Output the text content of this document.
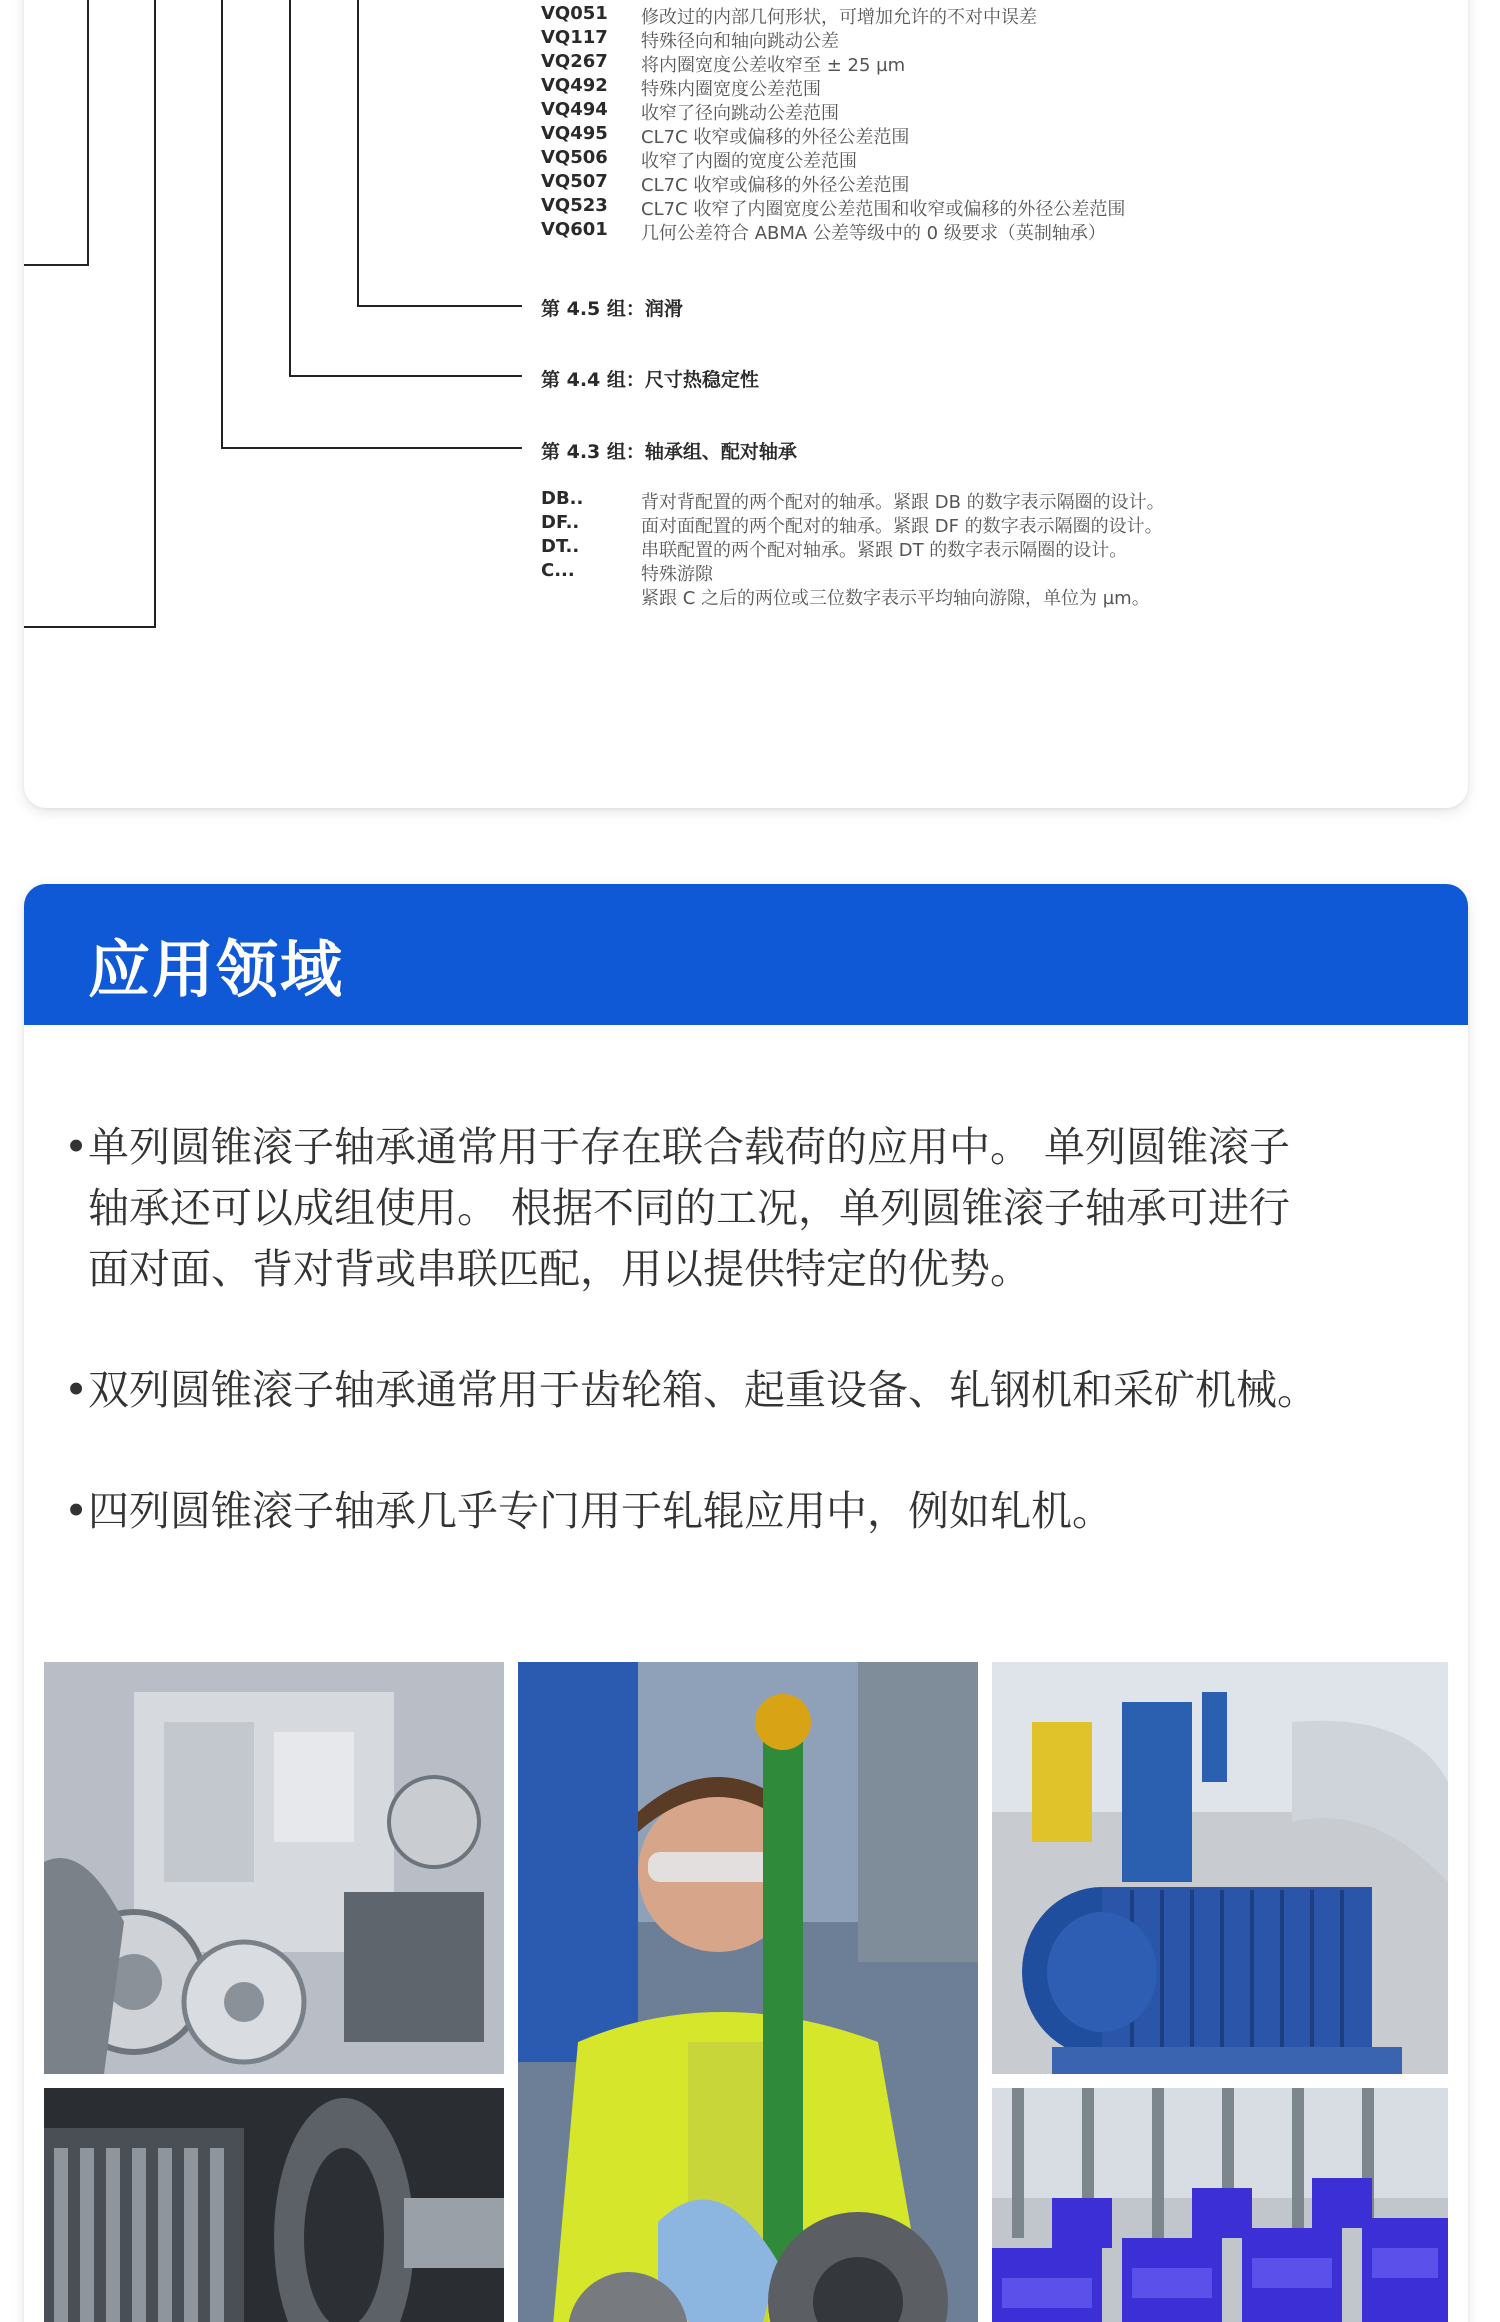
VQ051 修改过的内部几何形状，可增加允许的不对中误差
VQ117 特殊径向和轴向跳动公差
VQ267 将内圈宽度公差收窄至 ± 25 µm
VQ492 特殊内圈宽度公差范围
VQ494 收窄了径向跳动公差范围
VQ495 CL7C 收窄或偏移的外径公差范围
VQ506 收窄了内圈的宽度公差范围
VQ507 CL7C 收窄或偏移的外径公差范围
VQ523 CL7C 收窄了内圈宽度公差范围和收窄或偏移的外径公差范围
VQ601 几何公差符合 ABMA 公差等级中的 0 级要求（英制轴承）
第 4.5 组：润滑
第 4.4 组：尺寸热稳定性
第 4.3 组：轴承组、配对轴承
DB..	背对背配置的两个配对的轴承。紧跟 DB 的数字表示隔圈的设计。
DF..	面对面配置的两个配对的轴承。紧跟 DF 的数字表示隔圈的设计。
DT..	串联配置的两个配对轴承。紧跟 DT 的数字表示隔圈的设计。
C...	特殊游隙
紧跟 C 之后的两位或三位数字表示平均轴向游隙，单位为 µm。
应用领域
• 单列圆锥滚子轴承通常用于存在联合载荷的应用中。 单列圆锥滚子
轴承还可以成组使用。 根据不同的工况，单列圆锥滚子轴承可进行
面对面、背对背或串联匹配，用以提供特定的优势。
• 双列圆锥滚子轴承通常用于齿轮箱、起重设备、轧钢机和采矿机械。
• 四列圆锥滚子轴承几乎专门用于轧辊应用中，例如轧机。
